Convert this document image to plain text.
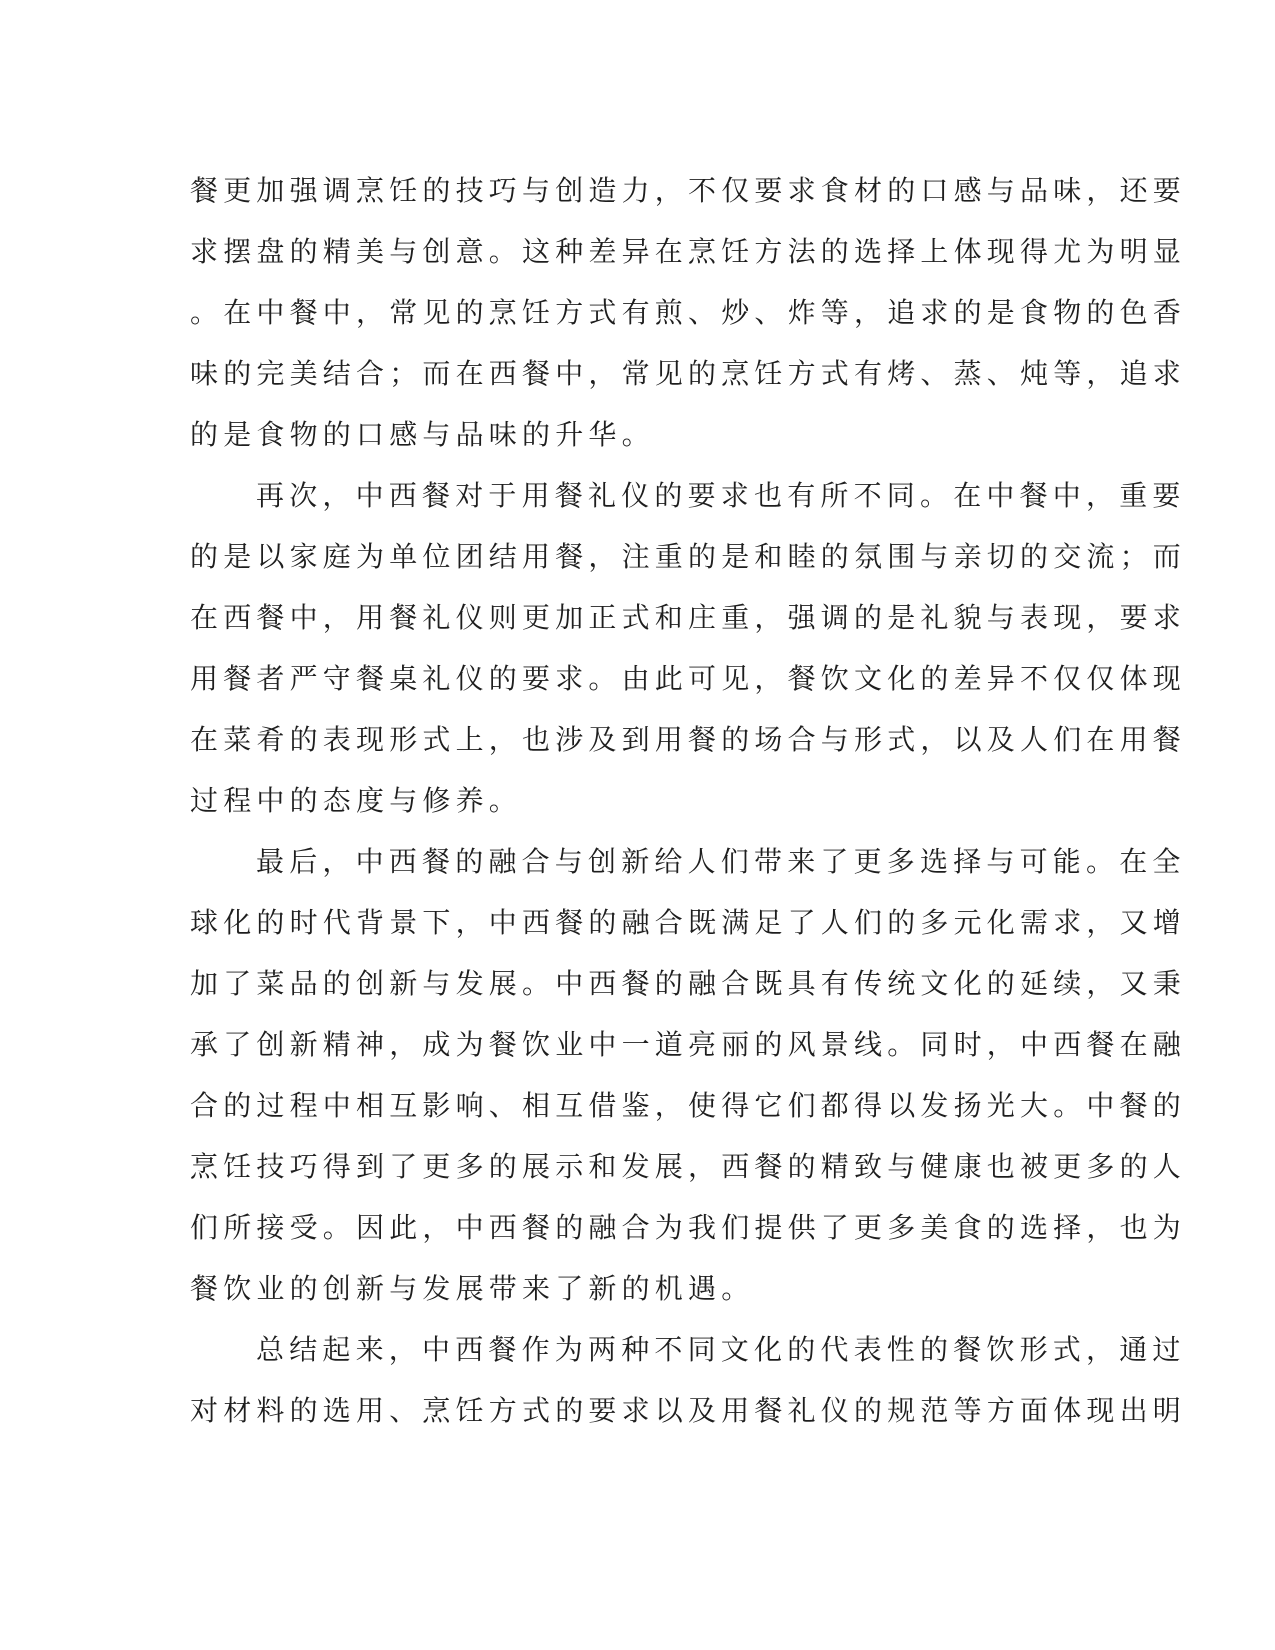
餐更加强调烹饪的技巧与创造力，不仅要求食材的口感与品味，还要
求摆盘的精美与创意。这种差异在烹饪方法的选择上体现得尤为明显
。在中餐中，常见的烹饪方式有煎、炒、炸等，追求的是食物的色香
味的完美结合；而在西餐中，常见的烹饪方式有烤、蒸、炖等，追求
的是食物的口感与品味的升华。
再次，中西餐对于用餐礼仪的要求也有所不同。在中餐中，重要
的是以家庭为单位团结用餐，注重的是和睦的氛围与亲切的交流；而
在西餐中，用餐礼仪则更加正式和庄重，强调的是礼貌与表现，要求
用餐者严守餐桌礼仪的要求。由此可见，餐饮文化的差异不仅仅体现
在菜肴的表现形式上，也涉及到用餐的场合与形式，以及人们在用餐
过程中的态度与修养。
最后，中西餐的融合与创新给人们带来了更多选择与可能。在全
球化的时代背景下，中西餐的融合既满足了人们的多元化需求，又增
加了菜品的创新与发展。中西餐的融合既具有传统文化的延续，又秉
承了创新精神，成为餐饮业中一道亮丽的风景线。同时，中西餐在融
合的过程中相互影响、相互借鉴，使得它们都得以发扬光大。中餐的
烹饪技巧得到了更多的展示和发展，西餐的精致与健康也被更多的人
们所接受。因此，中西餐的融合为我们提供了更多美食的选择，也为
餐饮业的创新与发展带来了新的机遇。
总结起来，中西餐作为两种不同文化的代表性的餐饮形式，通过
对材料的选用、烹饪方式的要求以及用餐礼仪的规范等方面体现出明
